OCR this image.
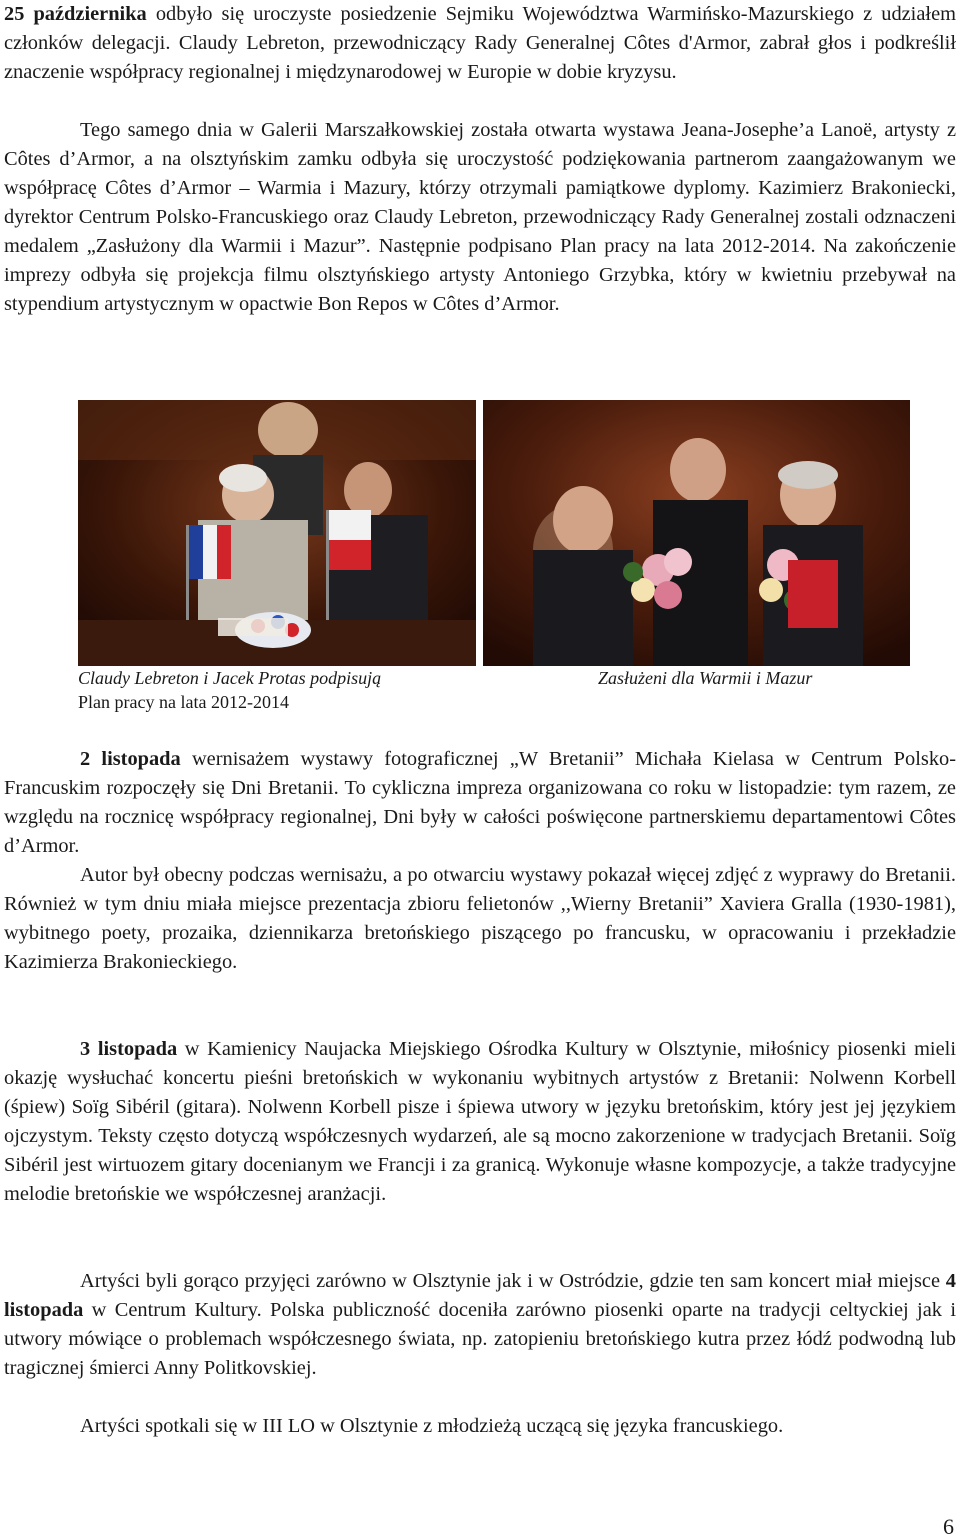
25 października odbyło się uroczyste posiedzenie Sejmiku Województwa Warmińsko-Mazurskiego z udziałem członków delegacji. Claudy Lebreton, przewodniczący Rady Generalnej Côtes d'Armor, zabrał głos i podkreślił znaczenie współpracy regionalnej i międzynarodowej w Europie w dobie kryzysu.

Tego samego dnia w Galerii Marszałkowskiej została otwarta wystawa Jeana-Josephe’a Lanoë, artysty z Côtes d’Armor, a na olsztyńskim zamku odbyła się uroczystość podziękowania partnerom zaangażowanym we współpracę Côtes d’Armor – Warmia i Mazury, którzy otrzymali pamiątkowe dyplomy. Kazimierz Brakoniecki, dyrektor Centrum Polsko-Francuskiego oraz Claudy Lebreton, przewodniczący Rady Generalnej zostali odznaczeni medalem „Zasłużony dla Warmii i Mazur”. Następnie podpisano Plan pracy na lata 2012-2014. Na zakończenie imprezy odbyła się projekcja filmu olsztyńskiego artysty Antoniego Grzybka, który w kwietniu przebywał na stypendium artystycznym w opactwie Bon Repos w Côtes d’Armor.

Claudy Lebreton i Jacek Protas podpisują
Plan pracy na lata 2012-2014
Zasłużeni dla Warmii i Mazur

2 listopada wernisażem wystawy fotograficznej „W Bretanii” Michała Kielasa w Centrum Polsko-Francuskim rozpoczęły się Dni Bretanii. To cykliczna impreza organizowana co roku w listopadzie: tym razem, ze względu na rocznicę współpracy regionalnej, Dni były w całości poświęcone partnerskiemu departamentowi Côtes d’Armor.

Autor był obecny podczas wernisażu, a po otwarciu wystawy pokazał więcej zdjęć z wyprawy do Bretanii. Również w tym dniu miała miejsce prezentacja zbioru felietonów ,,Wierny Bretanii” Xaviera Gralla (1930-1981), wybitnego poety, prozaika, dziennikarza bretońskiego piszącego po francusku, w opracowaniu i przekładzie Kazimierza Brakonieckiego.

3 listopada w Kamienicy Naujacka Miejskiego Ośrodka Kultury w Olsztynie, miłośnicy piosenki mieli okazję wysłuchać koncertu pieśni bretońskich w wykonaniu wybitnych artystów z Bretanii: Nolwenn Korbell (śpiew) Soïg Sibéril (gitara). Nolwenn Korbell pisze i śpiewa utwory w języku bretońskim, który jest jej językiem ojczystym. Teksty często dotyczą współczesnych wydarzeń, ale są mocno zakorzenione w tradycjach Bretanii. Soïg Sibéril jest wirtuozem gitary docenianym we Francji i za granicą. Wykonuje własne kompozycje, a także tradycyjne melodie bretońskie we współczesnej aranżacji.

Artyści byli gorąco przyjęci zarówno w Olsztynie jak i w Ostródzie, gdzie ten sam koncert miał miejsce 4 listopada w Centrum Kultury. Polska publiczność doceniła zarówno piosenki oparte na tradycji celtyckiej jak i utwory mówiące o problemach współczesnego świata, np. zatopieniu bretońskiego kutra przez łódź podwodną lub tragicznej śmierci Anny Politkovskiej.

Artyści spotkali się w III LO w Olsztynie z młodzieżą uczącą się języka francuskiego.

6
